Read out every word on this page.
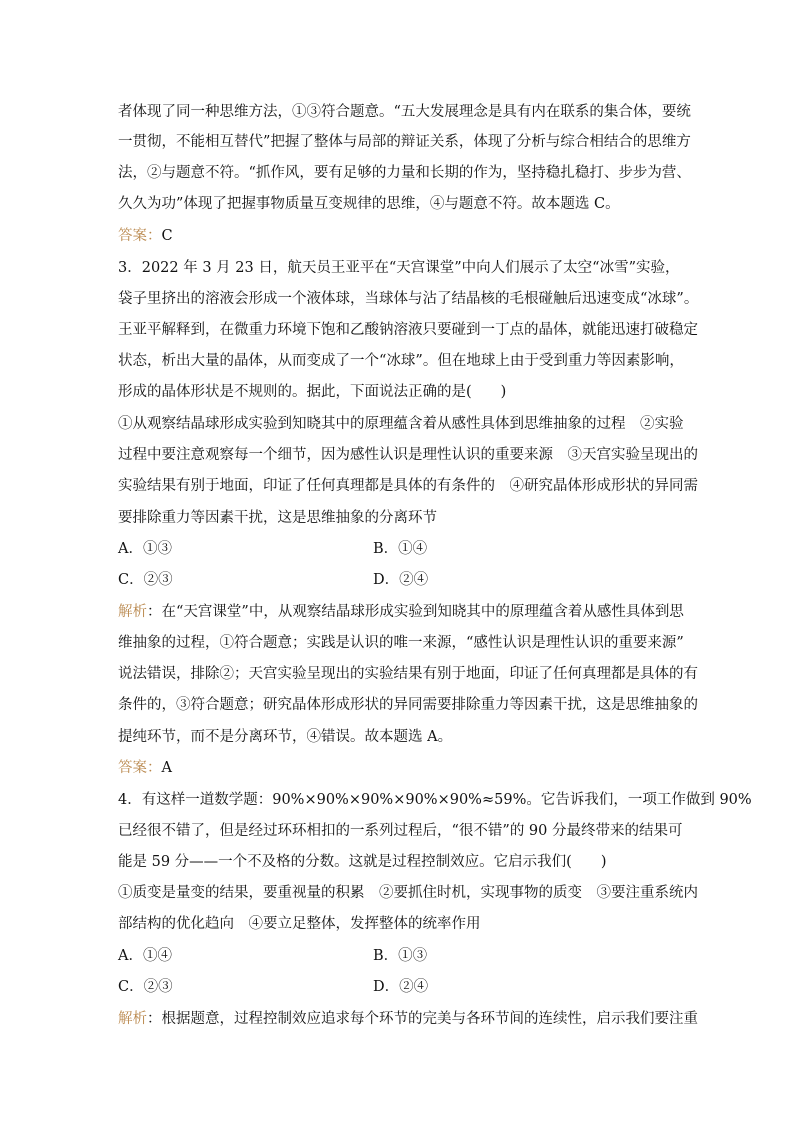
者体现了同一种思维方法，①③符合题意。“五大发展理念是具有内在联系的集合体，要统
一贯彻，不能相互替代”把握了整体与局部的辩证关系，体现了分析与综合相结合的思维方
法，②与题意不符。“抓作风，要有足够的力量和长期的作为，坚持稳扎稳打、步步为营、
久久为功”体现了把握事物质量互变规律的思维，④与题意不符。故本题选 C。
答案：C
3．2022 年 3 月 23 日，航天员王亚平在“天宫课堂”中向人们展示了太空“冰雪”实验，
袋子里挤出的溶液会形成一个液体球，当球体与沾了结晶核的毛根碰触后迅速变成“冰球”。
王亚平解释到，在微重力环境下饱和乙酸钠溶液只要碰到一丁点的晶体，就能迅速打破稳定
状态，析出大量的晶体，从而变成了一个“冰球”。但在地球上由于受到重力等因素影响，
形成的晶体形状是不规则的。据此，下面说法正确的是(　　)
①从观察结晶球形成实验到知晓其中的原理蕴含着从感性具体到思维抽象的过程　②实验
过程中要注意观察每一个细节，因为感性认识是理性认识的重要来源　③天宫实验呈现出的
实验结果有别于地面，印证了任何真理都是具体的有条件的　④研究晶体形成形状的异同需
要排除重力等因素干扰，这是思维抽象的分离环节
A．①③	B．①④
C．②③	D．②④
解析：在“天宫课堂”中，从观察结晶球形成实验到知晓其中的原理蕴含着从感性具体到思
维抽象的过程，①符合题意；实践是认识的唯一来源，“感性认识是理性认识的重要来源”
说法错误，排除②；天宫实验呈现出的实验结果有别于地面，印证了任何真理都是具体的有
条件的，③符合题意；研究晶体形成形状的异同需要排除重力等因素干扰，这是思维抽象的
提纯环节，而不是分离环节，④错误。故本题选 A。
答案：A
4．有这样一道数学题：90%×90%×90%×90%×90%≈59%。它告诉我们，一项工作做到 90%
已经很不错了，但是经过环环相扣的一系列过程后，“很不错”的 90 分最终带来的结果可
能是 59 分——一个不及格的分数。这就是过程控制效应。它启示我们(　　)
①质变是量变的结果，要重视量的积累　②要抓住时机，实现事物的质变　③要注重系统内
部结构的优化趋向　④要立足整体，发挥整体的统率作用
A．①④	B．①③
C．②③	D．②④
解析：根据题意，过程控制效应追求每个环节的完美与各环节间的连续性，启示我们要注重
